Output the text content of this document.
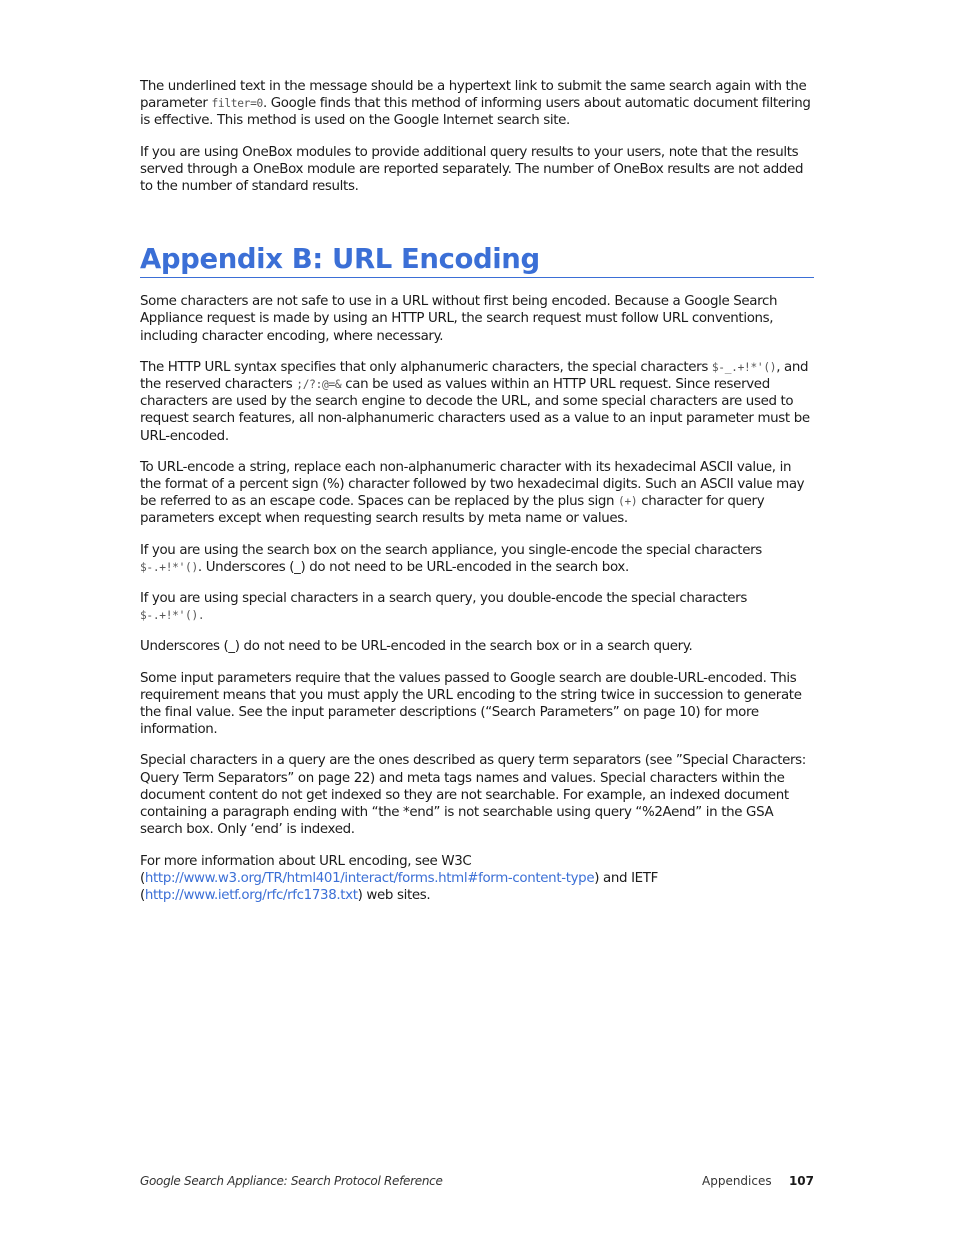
The underlined text in the message should be a hypertext link to submit the same search again with the parameter filter=0. Google finds that this method of informing users about automatic document filtering is effective. This method is used on the Google Internet search site.

If you are using OneBox modules to provide additional query results to your users, note that the results served through a OneBox module are reported separately. The number of OneBox results are not added to the number of standard results.

Appendix B: URL Encoding

Some characters are not safe to use in a URL without first being encoded. Because a Google Search Appliance request is made by using an HTTP URL, the search request must follow URL conventions, including character encoding, where necessary.

The HTTP URL syntax specifies that only alphanumeric characters, the special characters $-_.+!*'(), and the reserved characters ;/?:@=& can be used as values within an HTTP URL request. Since reserved characters are used by the search engine to decode the URL, and some special characters are used to request search features, all non-alphanumeric characters used as a value to an input parameter must be URL-encoded.

To URL-encode a string, replace each non-alphanumeric character with its hexadecimal ASCII value, in the format of a percent sign (%) character followed by two hexadecimal digits. Such an ASCII value may be referred to as an escape code. Spaces can be replaced by the plus sign (+) character for query parameters except when requesting search results by meta name or values.

If you are using the search box on the search appliance, you single-encode the special characters $-.+!*'(). Underscores (_) do not need to be URL-encoded in the search box.

If you are using special characters in a search query, you double-encode the special characters $-.+!*'().

Underscores (_) do not need to be URL-encoded in the search box or in a search query.

Some input parameters require that the values passed to Google search are double-URL-encoded. This requirement means that you must apply the URL encoding to the string twice in succession to generate the final value. See the input parameter descriptions (“Search Parameters” on page 10) for more information.

Special characters in a query are the ones described as query term separators (see ”Special Characters: Query Term Separators” on page 22) and meta tags names and values. Special characters within the document content do not get indexed so they are not searchable. For example, an indexed document containing a paragraph ending with “the *end” is not searchable using query “%2Aend” in the GSA search box. Only ‘end’ is indexed.

For more information about URL encoding, see W3C (http://www.w3.org/TR/html401/interact/forms.html#form-content-type) and IETF (http://www.ietf.org/rfc/rfc1738.txt) web sites.

Google Search Appliance: Search Protocol Reference	Appendices 107
